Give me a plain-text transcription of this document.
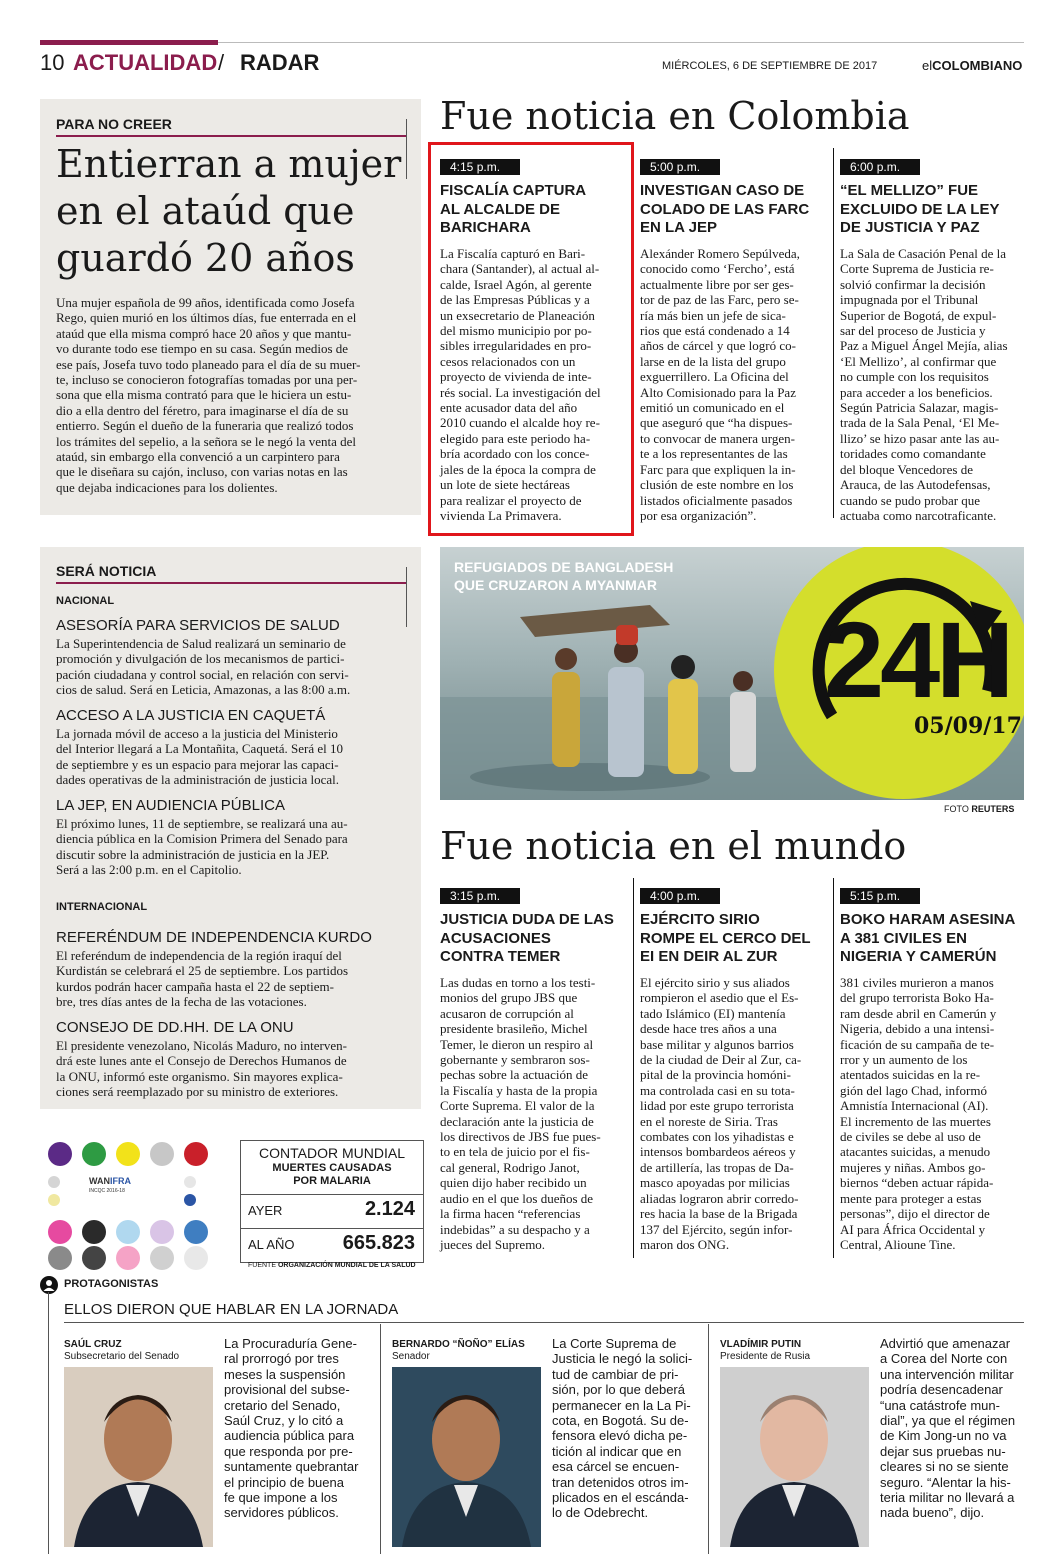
10 ACTUALIDAD / RADAR	MIÉRCOLES, 6 DE SEPTIEMBRE DE 2017	elCOLOMBIANO
PARA NO CREER
Entierran a mujer
en el ataúd que
guardó 20 años
Una mujer española de 99 años, identificada como Josefa
Rego, quien murió en los últimos días, fue enterrada en el
ataúd que ella misma compró hace 20 años y que mantu-
vo durante todo ese tiempo en su casa. Según medios de
ese país, Josefa tuvo todo planeado para el día de su muer-
te, incluso se conocieron fotografías tomadas por una per-
sona que ella misma contrató para que le hiciera un estu-
dio a ella dentro del féretro, para imaginarse el día de su
entierro. Según el dueño de la funeraria que realizó todos
los trámites del sepelio, a la señora se le negó la venta del
ataúd, sin embargo ella convenció a un carpintero para
que le diseñara su cajón, incluso, con varias notas en las
que dejaba indicaciones para los dolientes.
Fue noticia en Colombia
4:15 p.m.
FISCALÍA CAPTURA
AL ALCALDE DE
BARICHARA
La Fiscalía capturó en Bari-
chara (Santander), al actual al-
calde, Israel Agón, al gerente
de las Empresas Públicas y a
un exsecretario de Planeación
del mismo municipio por po-
sibles irregularidades en pro-
cesos relacionados con un
proyecto de vivienda de inte-
rés social. La investigación del
ente acusador data del año
2010 cuando el alcalde hoy re-
elegido para este periodo ha-
bría acordado con los conce-
jales de la época la compra de
un lote de siete hectáreas
para realizar el proyecto de
vivienda La Primavera.
5:00 p.m.
INVESTIGAN CASO DE
COLADO DE LAS FARC
EN LA JEP
Alexánder Romero Sepúlveda,
conocido como ‘Fercho’, está
actualmente libre por ser ges-
tor de paz de las Farc, pero se-
ría más bien un jefe de sica-
rios que está condenado a 14
años de cárcel y que logró co-
larse en de la lista del grupo
exguerrillero. La Oficina del
Alto Comisionado para la Paz
emitió un comunicado en el
que aseguró que “ha dispues-
to convocar de manera urgen-
te a los representantes de las
Farc para que expliquen la in-
clusión de este nombre en los
listados oficialmente pasados
por esa organización”.
6:00 p.m.
“EL MELLIZO” FUE
EXCLUIDO DE LA LEY
DE JUSTICIA Y PAZ
La Sala de Casación Penal de la
Corte Suprema de Justicia re-
solvió confirmar la decisión
impugnada por el Tribunal
Superior de Bogotá, de expul-
sar del proceso de Justicia y
Paz a Miguel Ángel Mejía, alias
‘El Mellizo’, al confirmar que
no cumple con los requisitos
para acceder a los beneficios.
Según Patricia Salazar, magis-
trada de la Sala Penal, ‘El Me-
llizo’ se hizo pasar ante las au-
toridades como comandante
del bloque Vencedores de
Arauca, de las Autodefensas,
cuando se pudo probar que
actuaba como narcotraficante.
SERÁ NOTICIA
NACIONAL
INTERNACIONAL
ASESORÍA PARA SERVICIOS DE SALUD
La Superintendencia de Salud realizará un seminario de
promoción y divulgación de los mecanismos de partici-
pación ciudadana y control social, en relación con servi-
cios de salud. Será en Leticia, Amazonas, a las 8:00 a.m.
ACCESO A LA JUSTICIA EN CAQUETÁ
La jornada móvil de acceso a la justicia del Ministerio
del Interior llegará a La Montañita, Caquetá. Será el 10
de septiembre y es un espacio para mejorar las capaci-
dades operativas de la administración de justicia local.
LA JEP, EN AUDIENCIA PÚBLICA
El próximo lunes, 11 de septiembre, se realizará una au-
diencia pública en la Comision Primera del Senado para
discutir sobre la administración de justicia en la JEP.
Será a las 2:00 p.m. en el Capitolio.
REFERÉNDUM DE INDEPENDENCIA KURDO
El referéndum de independencia de la región iraquí del
Kurdistán se celebrará el 25 de septiembre. Los partidos
kurdos podrán hacer campaña hasta el 22 de septiem-
bre, tres días antes de la fecha de las votaciones.
CONSEJO DE DD.HH. DE LA ONU
El presidente venezolano, Nicolás Maduro, no interven-
drá este lunes ante el Consejo de Derechos Humanos de
la ONU, informó este organismo. Sin mayores explica-
ciones será reemplazado por su ministro de exteriores.
REFUGIADOS DE BANGLADESH
QUE CRUZARON A MYANMAR
24H
05/09/17
FOTO REUTERS
Fue noticia en el mundo
3:15 p.m.
JUSTICIA DUDA DE LAS
ACUSACIONES
CONTRA TEMER
Las dudas en torno a los testi-
monios del grupo JBS que
acusaron de corrupción al
presidente brasileño, Michel
Temer, le dieron un respiro al
gobernante y sembraron sos-
pechas sobre la actuación de
la Fiscalía y hasta de la propia
Corte Suprema. El valor de la
declaración ante la justicia de
los directivos de JBS fue pues-
to en tela de juicio por el fis-
cal general, Rodrigo Janot,
quien dijo haber recibido un
audio en el que los dueños de
la firma hacen “referencias
indebidas” a su despacho y a
jueces del Supremo.
4:00 p.m.
EJÉRCITO SIRIO
ROMPE EL CERCO DEL
EI EN DEIR AL ZUR
El ejército sirio y sus aliados
rompieron el asedio que el Es-
tado Islámico (EI) mantenía
desde hace tres años a una
base militar y algunos barrios
de la ciudad de Deir al Zur, ca-
pital de la provincia homóni-
ma controlada casi en su tota-
lidad por este grupo terrorista
en el noreste de Siria. Tras
combates con los yihadistas e
intensos bombardeos aéreos y
de artillería, las tropas de Da-
masco apoyadas por milicias
aliadas lograron abrir corredo-
res hacia la base de la Brigada
137 del Ejército, según infor-
maron dos ONG.
5:15 p.m.
BOKO HARAM ASESINA
A 381 CIVILES EN
NIGERIA Y CAMERÚN
381 civiles murieron a manos
del grupo terrorista Boko Ha-
ram desde abril en Camerún y
Nigeria, debido a una intensi-
ficación de su campaña de te-
rror y un aumento de los
atentados suicidas en la re-
gión del lago Chad, informó
Amnistía Internacional (AI).
El incremento de las muertes
de civiles se debe al uso de
atacantes suicidas, a menudo
mujeres y niñas. Ambos go-
biernos “deben actuar rápida-
mente para proteger a estas
personas”, dijo el director de
AI para África Occidental y
Central, Alioune Tine.
WANIFRA
INCQC 2016-18
CONTADOR MUNDIAL
MUERTES CAUSADAS
POR MALARIA
AYER	2.124
AL AÑO 665.823
FUENTE ORGANIZACIÓN MUNDIAL DE LA SALUD
PROTAGONISTAS
ELLOS DIERON QUE HABLAR EN LA JORNADA
SAÚL CRUZ
Subsecretario del Senado
La Procuraduría Gene-
ral prorrogó por tres
meses la suspensión
provisional del subse-
cretario del Senado,
Saúl Cruz, y lo citó a
audiencia pública para
que responda por pre-
suntamente quebrantar
el principio de buena
fe que impone a los
servidores públicos.
BERNARDO “ÑOÑO” ELÍAS
Senador
La Corte Suprema de
Justicia le negó la solici-
tud de cambiar de pri-
sión, por lo que deberá
permanecer en la La Pi-
cota, en Bogotá. Su de-
fensora elevó dicha pe-
tición al indicar que en
esa cárcel se encuen-
tran detenidos otros im-
plicados en el escánda-
lo de Odebrecht.
VLADÍMIR PUTIN
Presidente de Rusia
Advirtió que amenazar
a Corea del Norte con
una intervención militar
podría desencadenar
“una catástrofe mun-
dial”, ya que el régimen
de Kim Jong-un no va
dejar sus pruebas nu-
cleares si no se siente
seguro. “Alentar la his-
teria militar no llevará a
nada bueno”, dijo.
